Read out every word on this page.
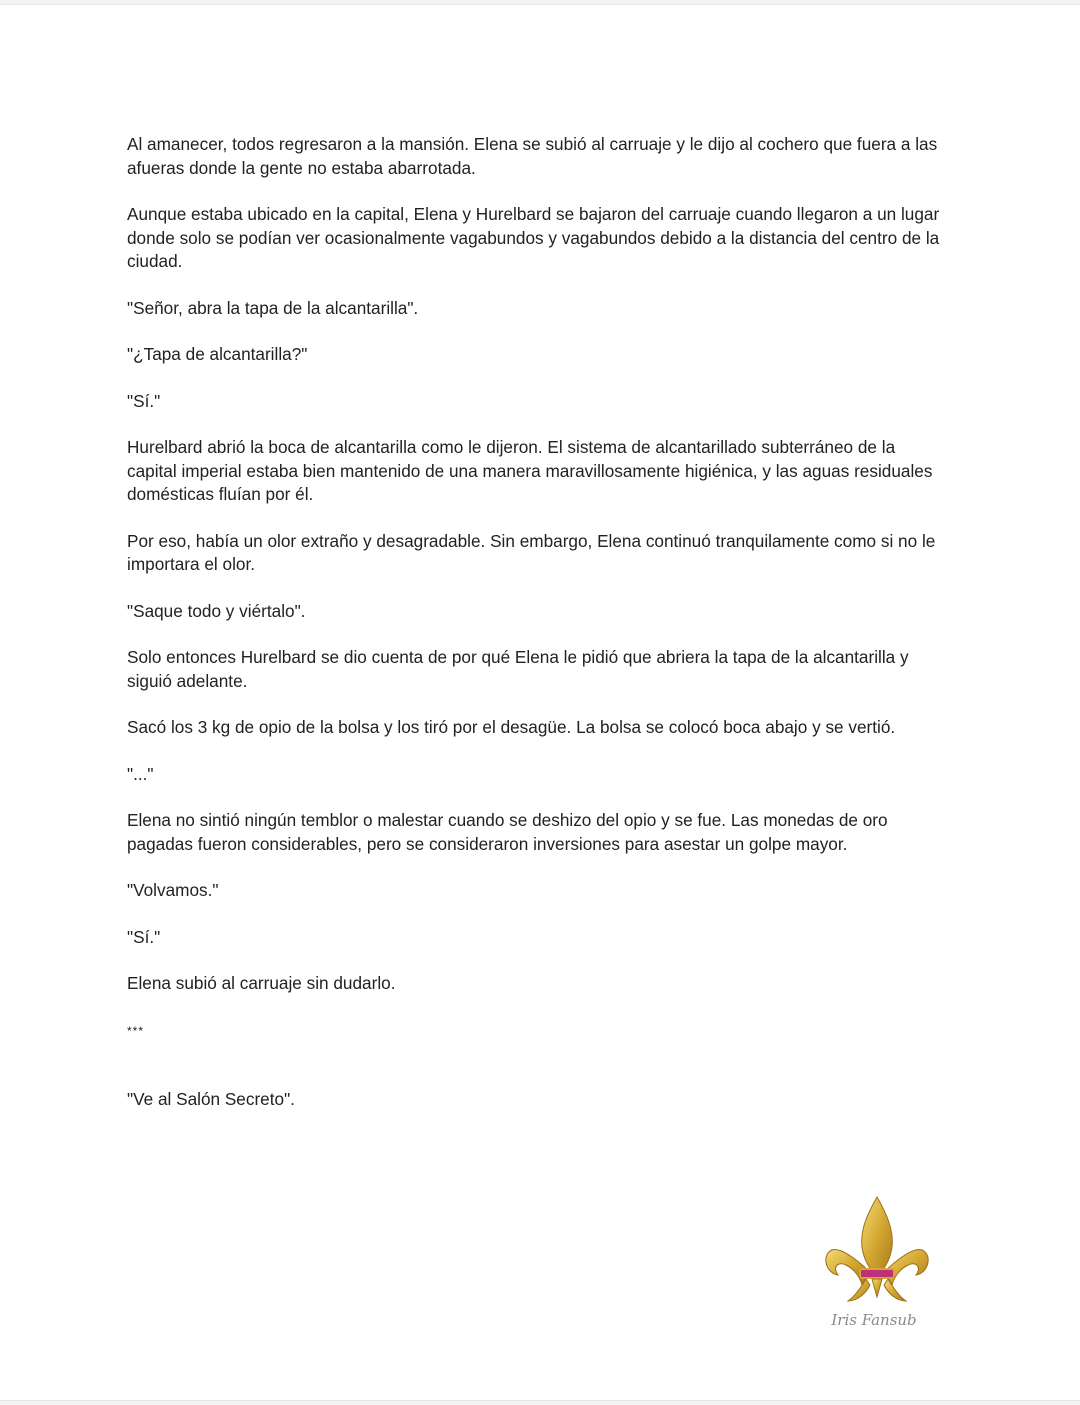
Al amanecer, todos regresaron a la mansión. Elena se subió al carruaje y le dijo al cochero que fuera a las afueras donde la gente no estaba abarrotada.

Aunque estaba ubicado en la capital, Elena y Hurelbard se bajaron del carruaje cuando llegaron a un lugar donde solo se podían ver ocasionalmente vagabundos y vagabundos debido a la distancia del centro de la ciudad.

"Señor, abra la tapa de la alcantarilla".

"¿Tapa de alcantarilla?"

"Sí."

Hurelbard abrió la boca de alcantarilla como le dijeron. El sistema de alcantarillado subterráneo de la capital imperial estaba bien mantenido de una manera maravillosamente higiénica, y las aguas residuales domésticas fluían por él.

Por eso, había un olor extraño y desagradable. Sin embargo, Elena continuó tranquilamente como si no le importara el olor.

"Saque todo y viértalo".

Solo entonces Hurelbard se dio cuenta de por qué Elena le pidió que abriera la tapa de la alcantarilla y siguió adelante.

Sacó los 3 kg de opio de la bolsa y los tiró por el desagüe. La bolsa se colocó boca abajo y se vertió.

"..."

Elena no sintió ningún temblor o malestar cuando se deshizo del opio y se fue. Las monedas de oro pagadas fueron considerables, pero se consideraron inversiones para asestar un golpe mayor.

"Volvamos."

"Sí."

Elena subió al carruaje sin dudarlo.

***

"Ve al Salón Secreto".

Iris Fansub
